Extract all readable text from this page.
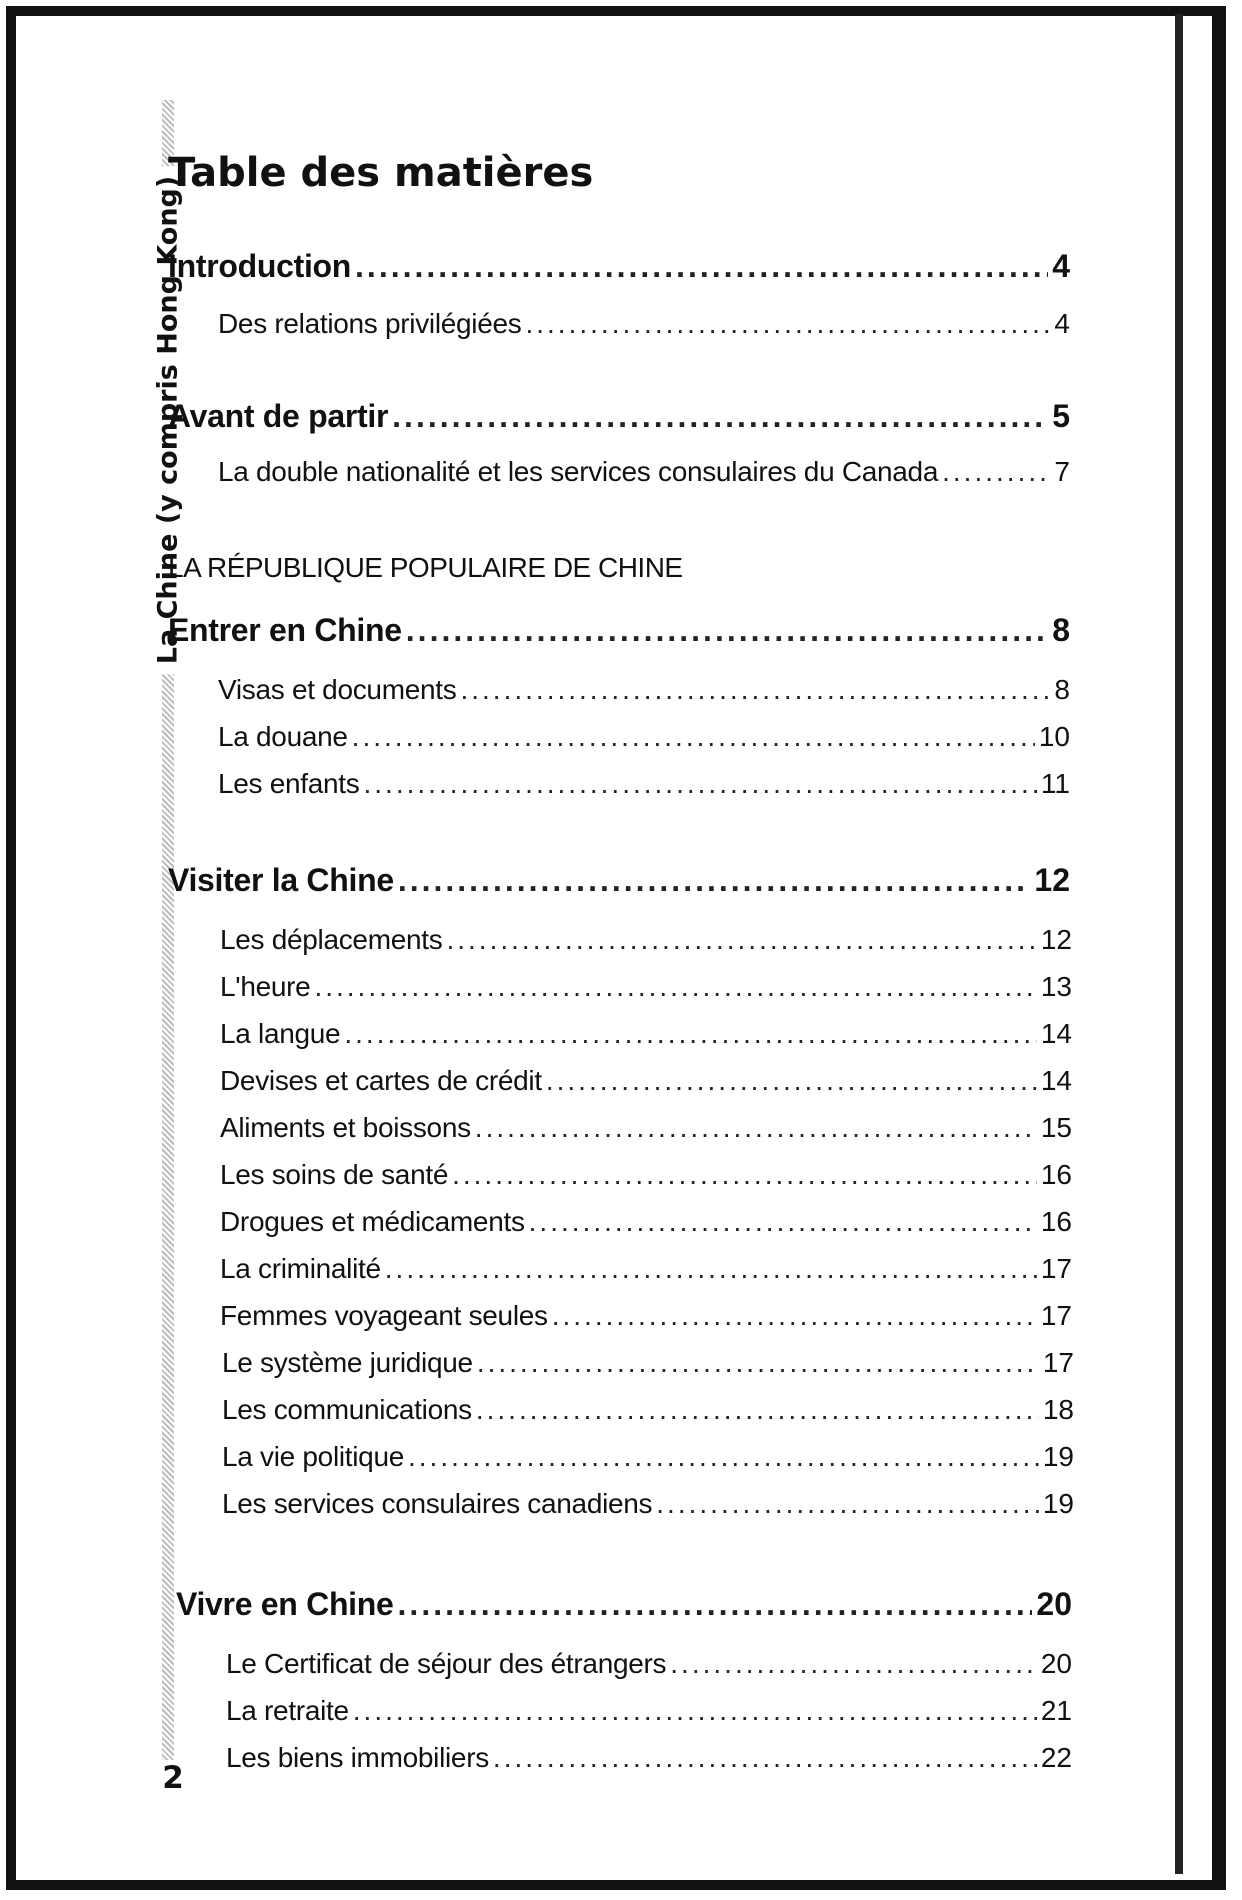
La Chine (y compris Hong Kong)
2
Table des matières
LA RÉPUBLIQUE POPULAIRE DE CHINE
Introduction .....	4
Des relations privilégiées .....	4
Avant de partir .....	5
La double nationalité et les services consulaires du Canada .....	7
Entrer en Chine .....	8
Visas et documents .....	8
La douane .....	10
Les enfants .....	11
Visiter la Chine .....	12
Les déplacements .....	12
L'heure .....	13
La langue .....	14
Devises et cartes de crédit .....	14
Aliments et boissons .....	15
Les soins de santé .....	16
Drogues et médicaments .....	16
La criminalité .....	17
Femmes voyageant seules .....	17
Le système juridique .....	17
Les communications .....	18
La vie politique .....	19
Les services consulaires canadiens .....	19
Vivre en Chine .....	20
Le Certificat de séjour des étrangers .....	20
La retraite .....	21
Les biens immobiliers .....	22
